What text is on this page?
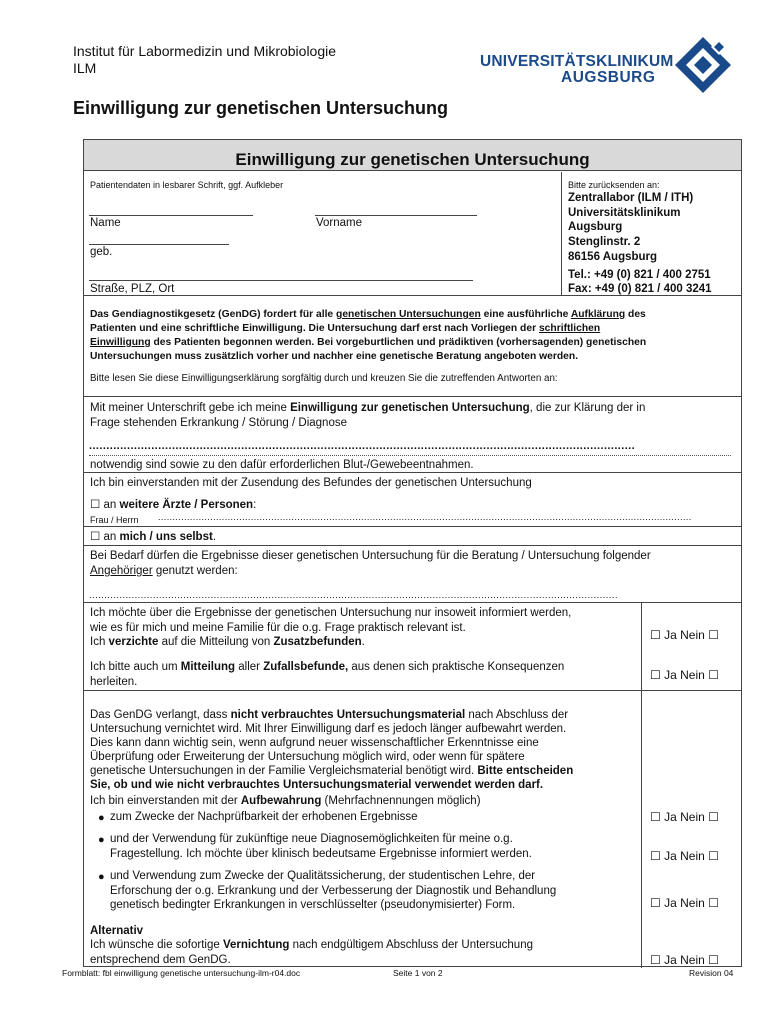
Institut für Labormedizin und Mikrobiologie
ILM	UNIVERSITÄTSKLINIKUM
AUGSBURG
Einwilligung zur genetischen Untersuchung
Einwilligung zur genetischen Untersuchung
Patientendaten in lesbarer Schrift, ggf. Aufkleber
Name	Vorname
geb.
Straße, PLZ, Ort
Bitte zurücksenden an:
Zentrallabor (ILM / ITH)
Universitätsklinikum
Augsburg
Stenglinstr. 2
86156 Augsburg
Tel.: +49 (0) 821 / 400 2751
Fax: +49 (0) 821 / 400 3241
Das Gendiagnostikgesetz (GenDG) fordert für alle genetischen Untersuchungen eine ausführliche Aufklärung des
Patienten und eine schriftliche Einwilligung. Die Untersuchung darf erst nach Vorliegen der schriftlichen
Einwilligung des Patienten begonnen werden. Bei vorgeburtlichen und prädiktiven (vorhersagenden) genetischen
Untersuchungen muss zusätzlich vorher und nachher eine genetische Beratung angeboten werden.
Bitte lesen Sie diese Einwilligungserklärung sorgfältig durch und kreuzen Sie die zutreffenden Antworten an:
Mit meiner Unterschrift gebe ich meine Einwilligung zur genetischen Untersuchung, die zur Klärung der in
Frage stehenden Erkrankung / Störung / Diagnose
..............................................................................................................................................................
notwendig sind sowie zu den dafür erforderlichen Blut-/Gewebeentnahmen.
Ich bin einverstanden mit der Zusendung des Befundes der genetischen Untersuchung
☐ an weitere Ärzte / Personen:
Frau / Herrn ........................................................................................................................................................................................
☐ an mich / uns selbst.
Bei Bedarf dürfen die Ergebnisse dieser genetischen Untersuchung für die Beratung / Untersuchung folgender
Angehöriger genutzt werden:
..............................................................................................................................................................................
Ich möchte über die Ergebnisse der genetischen Untersuchung nur insoweit informiert werden,
wie es für mich und meine Familie für die o.g. Frage praktisch relevant ist.
Ich verzichte auf die Mitteilung von Zusatzbefunden.	☐ Ja Nein ☐
Ich bitte auch um Mitteilung aller Zufallsbefunde, aus denen sich praktische Konsequenzen
herleiten.	☐ Ja Nein ☐
Das GenDG verlangt, dass nicht verbrauchtes Untersuchungsmaterial nach Abschluss der
Untersuchung vernichtet wird. Mit Ihrer Einwilligung darf es jedoch länger aufbewahrt werden.
Dies kann dann wichtig sein, wenn aufgrund neuer wissenschaftlicher Erkenntnisse eine
Überprüfung oder Erweiterung der Untersuchung möglich wird, oder wenn für spätere
genetische Untersuchungen in der Familie Vergleichsmaterial benötigt wird. Bitte entscheiden
Sie, ob und wie nicht verbrauchtes Untersuchungsmaterial verwendet werden darf.
Ich bin einverstanden mit der Aufbewahrung (Mehrfachnennungen möglich)
● zum Zwecke der Nachprüfbarkeit der erhobenen Ergebnisse	☐ Ja Nein ☐
● und der Verwendung für zukünftige neue Diagnosemöglichkeiten für meine o.g.
Fragestellung. Ich möchte über klinisch bedeutsame Ergebnisse informiert werden.	☐ Ja Nein ☐
● und Verwendung zum Zwecke der Qualitätssicherung, der studentischen Lehre, der
Erforschung der o.g. Erkrankung und der Verbesserung der Diagnostik und Behandlung
genetisch bedingter Erkrankungen in verschlüsselter (pseudonymisierter) Form.	☐ Ja Nein ☐
Alternativ
Ich wünsche die sofortige Vernichtung nach endgültigem Abschluss der Untersuchung
entsprechend dem GenDG.	☐ Ja Nein ☐
Formblatt: fbl einwilligung genetische untersuchung-ilm-r04.doc	Seite 1 von 2	Revision 04
